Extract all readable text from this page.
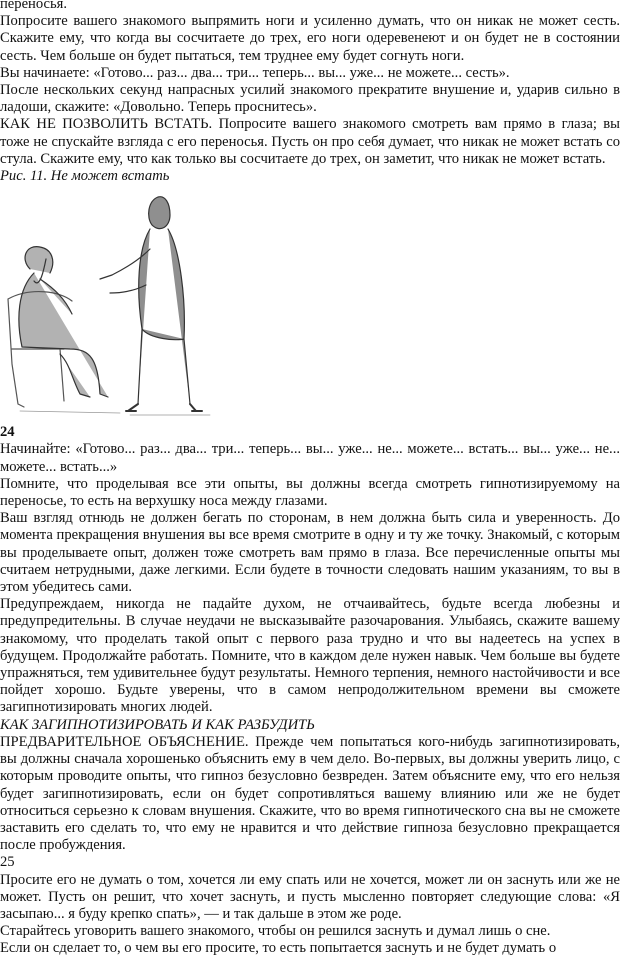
переносья.

Попросите вашего знакомого выпрямить ноги и усиленно думать, что он никак не может сесть. Скажите ему, что когда вы сосчитаете до трех, его ноги одеревенеют и он будет не в состоянии сесть. Чем больше он будет пытаться, тем труднее ему будет согнуть ноги.

Вы начинаете: «Готово... раз... два... три... теперь... вы... уже... не можете... сесть».

После нескольких секунд напрасных усилий знакомого прекратите внушение и, ударив сильно в ладоши, скажите: «Довольно. Теперь проснитесь».

КАК НЕ ПОЗВОЛИТЬ ВСТАТЬ. Попросите вашего знакомого смотреть вам прямо в глаза; вы тоже не спускайте взгляда с его переносья. Пусть он про себя думает, что никак не может встать со стула. Скажите ему, что как только вы сосчитаете до трех, он заметит, что никак не может встать.

Рис. 11. Не может встать

24

Начинайте: «Готово... раз... два... три... теперь... вы... уже... не... можете... встать... вы... уже... не... можете... встать...»

Помните, что проделывая все эти опыты, вы должны всегда смотреть гипнотизируемому на переносье, то есть на верхушку носа между глазами.

Ваш взгляд отнюдь не должен бегать по сторонам, в нем должна быть сила и уверенность. До момента прекращения внушения вы все время смотрите в одну и ту же точку. Знакомый, с которым вы проделываете опыт, должен тоже смотреть вам прямо в глаза. Все перечисленные опыты мы считаем нетрудными, даже легкими. Если будете в точности следовать нашим указаниям, то вы в этом убедитесь сами.

Предупреждаем, никогда не падайте духом, не отчаивайтесь, будьте всегда любезны и предупредительны. В случае неудачи не высказывайте разочарования. Улыбаясь, скажите вашему знакомому, что проделать такой опыт с первого раза трудно и что вы надеетесь на успех в будущем. Продолжайте работать. Помните, что в каждом деле нужен навык. Чем больше вы будете упражняться, тем удивительнее будут результаты. Немного терпения, немного настойчивости и все пойдет хорошо. Будьте уверены, что в самом непродолжительном времени вы сможете загипнотизировать многих людей.

КАК ЗАГИПНОТИЗИРОВАТЬ И КАК РАЗБУДИТЬ

ПРЕДВАРИТЕЛЬНОЕ ОБЪЯСНЕНИЕ. Прежде чем попытаться кого-нибудь загипнотизировать, вы должны сначала хорошенько объяснить ему в чем дело. Во-первых, вы должны уверить лицо, с которым проводите опыты, что гипноз безусловно безвреден. Затем объясните ему, что его нельзя будет загипнотизировать, если он будет сопротивляться вашему влиянию или же не будет относиться серьезно к словам внушения. Скажите, что во время гипнотического сна вы не сможете заставить его сделать то, что ему не нравится и что действие гипноза безусловно прекращается после пробуждения.

25

Просите его не думать о том, хочется ли ему спать или не хочется, может ли он заснуть или же не может. Пусть он решит, что хочет заснуть, и пусть мысленно повторяет следующие слова: «Я засыпаю... я буду крепко спать», — и так дальше в этом же роде.

Старайтесь уговорить вашего знакомого, чтобы он решился заснуть и думал лишь о сне.

Если он сделает то, о чем вы его просите, то есть попытается заснуть и не будет думать о
